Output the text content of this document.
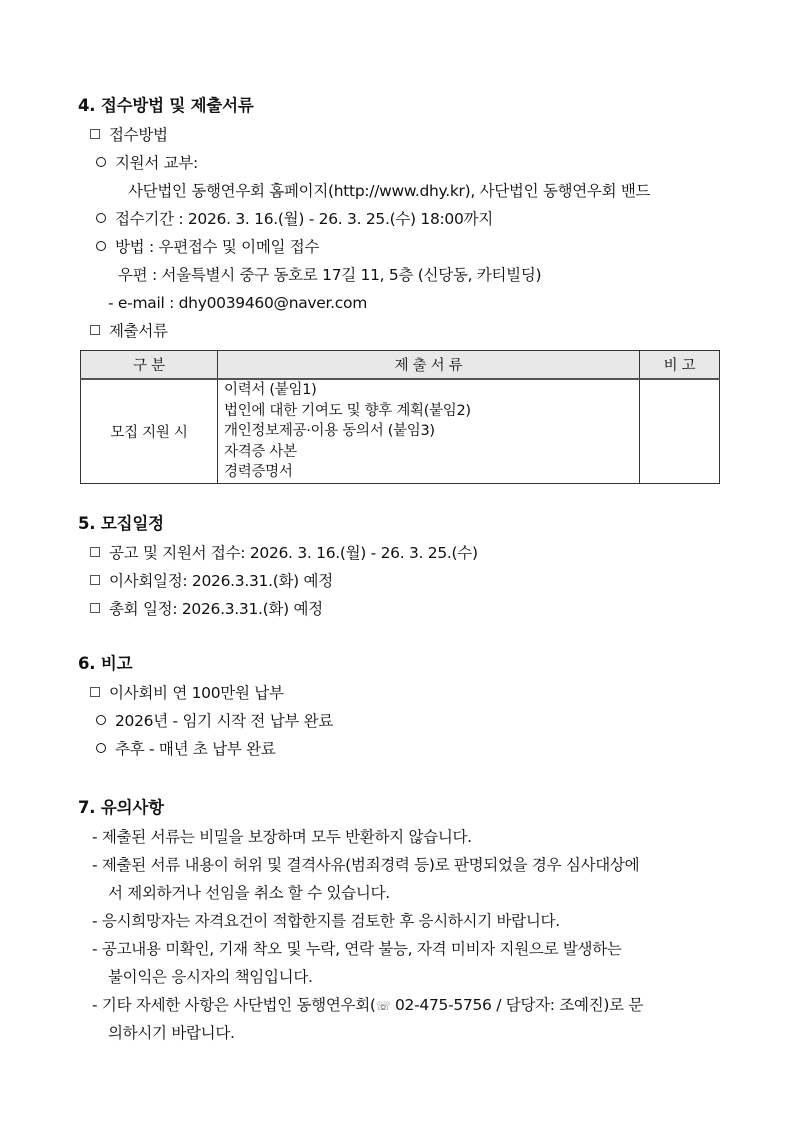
4. 접수방법 및 제출서류
접수방법
지원서 교부:
사단법인 동행연우회 홈페이지(http://www.dhy.kr), 사단법인 동행연우회 밴드
접수기간 : 2026. 3. 16.(월) - 26. 3. 25.(수) 18:00까지
방법 : 우편접수 및 이메일 접수
우편 : 서울특별시 중구 동호로 17길 11, 5층 (신당동, 카티빌딩)
- e-mail : dhy0039460@naver.com
제출서류
구 분	제 출 서 류	비 고
모집 지원 시	이력서 (붙임1)
법인에 대한 기여도 및 향후 계획(붙임2)
개인정보제공·이용 동의서 (붙임3)
자격증 사본
경력증명서	

5. 모집일정
공고 및 지원서 접수: 2026. 3. 16.(월) - 26. 3. 25.(수)
이사회일정: 2026.3.31.(화) 예정
총회 일정: 2026.3.31.(화) 예정
6. 비고
이사회비 연 100만원 납부
2026년 - 임기 시작 전 납부 완료
추후 - 매년 초 납부 완료
7. 유의사항
- 제출된 서류는 비밀을 보장하며 모두 반환하지 않습니다.
- 제출된 서류 내용이 허위 및 결격사유(범죄경력 등)로 판명되었을 경우 심사대상에
서 제외하거나 선임을 취소 할 수 있습니다.
- 응시희망자는 자격요건이 적합한지를 검토한 후 응시하시기 바랍니다.
- 공고내용 미확인, 기재 착오 및 누락, 연락 불능, 자격 미비자 지원으로 발생하는
불이익은 응시자의 책임입니다.
- 기타 자세한 사항은 사단법인 동행연우회(☏ 02-475-5756 / 담당자: 조예진)로 문
의하시기 바랍니다.
